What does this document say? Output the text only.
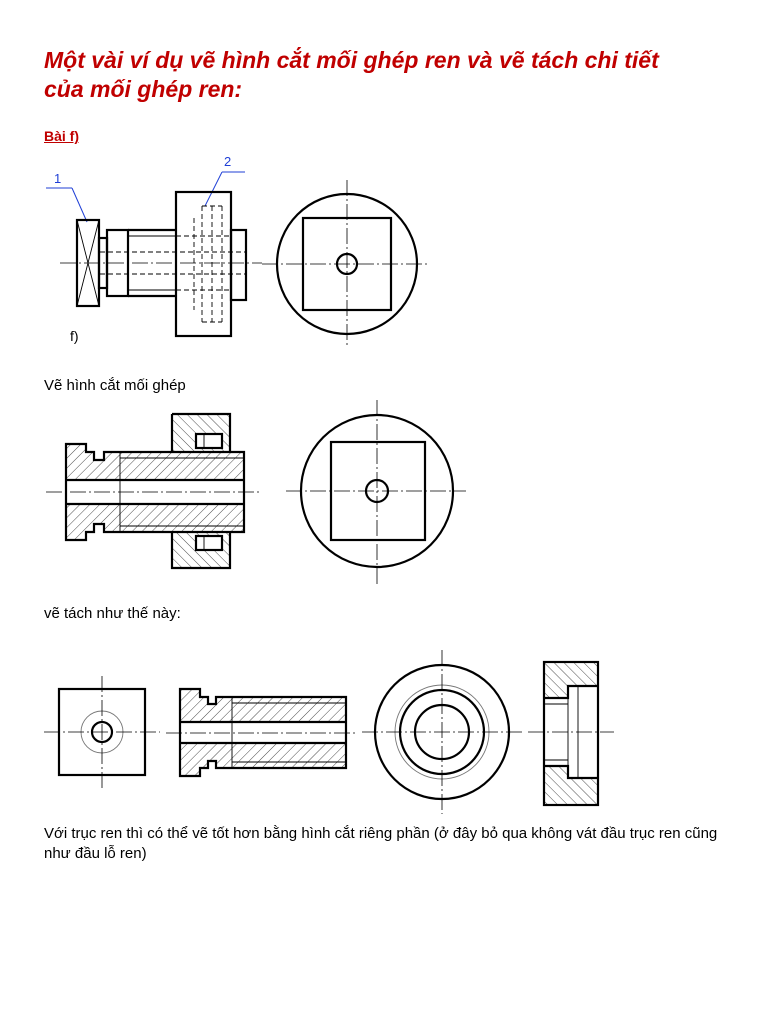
Một vài ví dụ vẽ hình cắt mối ghép ren và vẽ tách chi tiết
của mối ghép ren:
Bài f)
1
2
f)
Vẽ hình cắt mối ghép
vẽ tách như thế này:
Với trục ren thì có thể vẽ tốt hơn bằng hình cắt riêng phần (ở đây bỏ qua không vát đầu trục ren cũng như đầu lỗ ren)
